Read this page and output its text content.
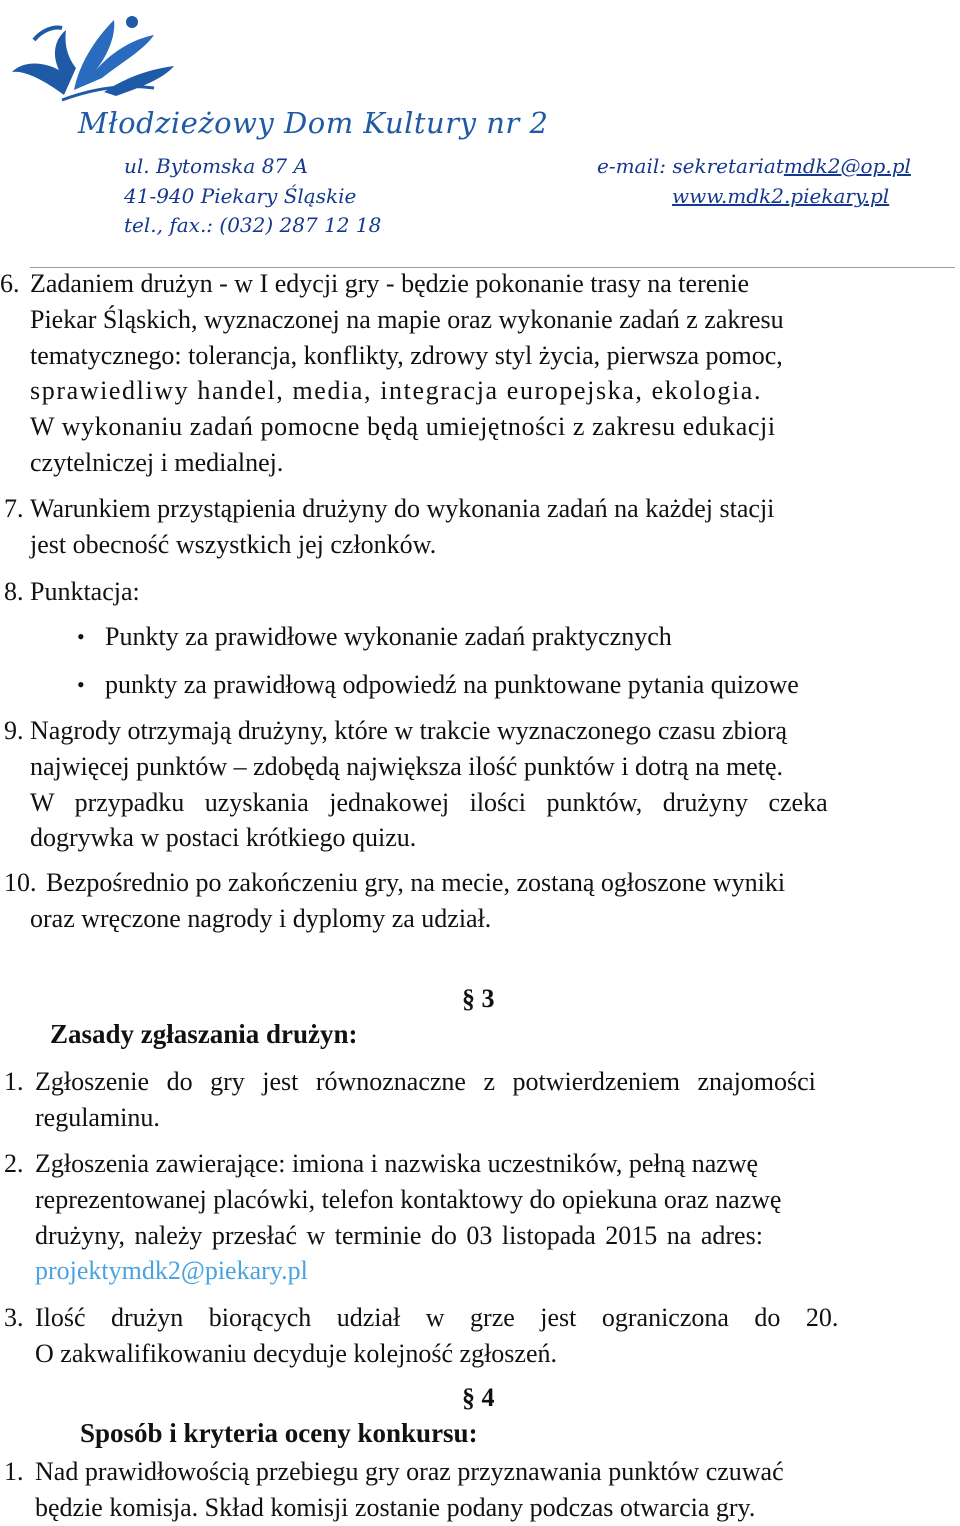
Młodzieżowy Dom Kultury nr 2
ul. Bytomska 87 A
41-940 Piekary Śląskie
tel., fax.: (032) 287 12 18
e-mail: sekretariatmdk2@op.pl
www.mdk2.piekary.pl
6. Zadaniem drużyn - w I edycji gry - będzie pokonanie trasy na terenie
Piekar Śląskich, wyznaczonej na mapie oraz wykonanie zadań z zakresu
tematycznego: tolerancja, konflikty, zdrowy styl życia, pierwsza pomoc,
sprawiedliwy handel, media, integracja europejska, ekologia.
W wykonaniu zadań pomocne będą umiejętności z zakresu edukacji
czytelniczej i medialnej.
7. Warunkiem przystąpienia drużyny do wykonania zadań na każdej stacji
jest obecność wszystkich jej członków.
8. Punktacja:
• Punkty za prawidłowe wykonanie zadań praktycznych
• punkty za prawidłową odpowiedź na punktowane pytania quizowe
9. Nagrody otrzymają drużyny, które w trakcie wyznaczonego czasu zbiorą
najwięcej punktów – zdobędą największa ilość punktów i dotrą na metę.
W przypadku uzyskania jednakowej ilości punktów, drużyny czeka
dogrywka w postaci krótkiego quizu.
10. Bezpośrednio po zakończeniu gry, na mecie, zostaną ogłoszone wyniki
oraz wręczone nagrody i dyplomy za udział.
§ 3
Zasady zgłaszania drużyn:
1. Zgłoszenie do gry jest równoznaczne z potwierdzeniem znajomości
regulaminu.
2. Zgłoszenia zawierające: imiona i nazwiska uczestników, pełną nazwę
reprezentowanej placówki, telefon kontaktowy do opiekuna oraz nazwę
drużyny, należy przesłać w terminie do 03 listopada 2015 na adres:
projektymdk2@piekary.pl
3. Ilość drużyn biorących udział w grze jest ograniczona do 20.
O zakwalifikowaniu decyduje kolejność zgłoszeń.
§ 4
Sposób i kryteria oceny konkursu:
1. Nad prawidłowością przebiegu gry oraz przyznawania punktów czuwać
będzie komisja. Skład komisji zostanie podany podczas otwarcia gry.
